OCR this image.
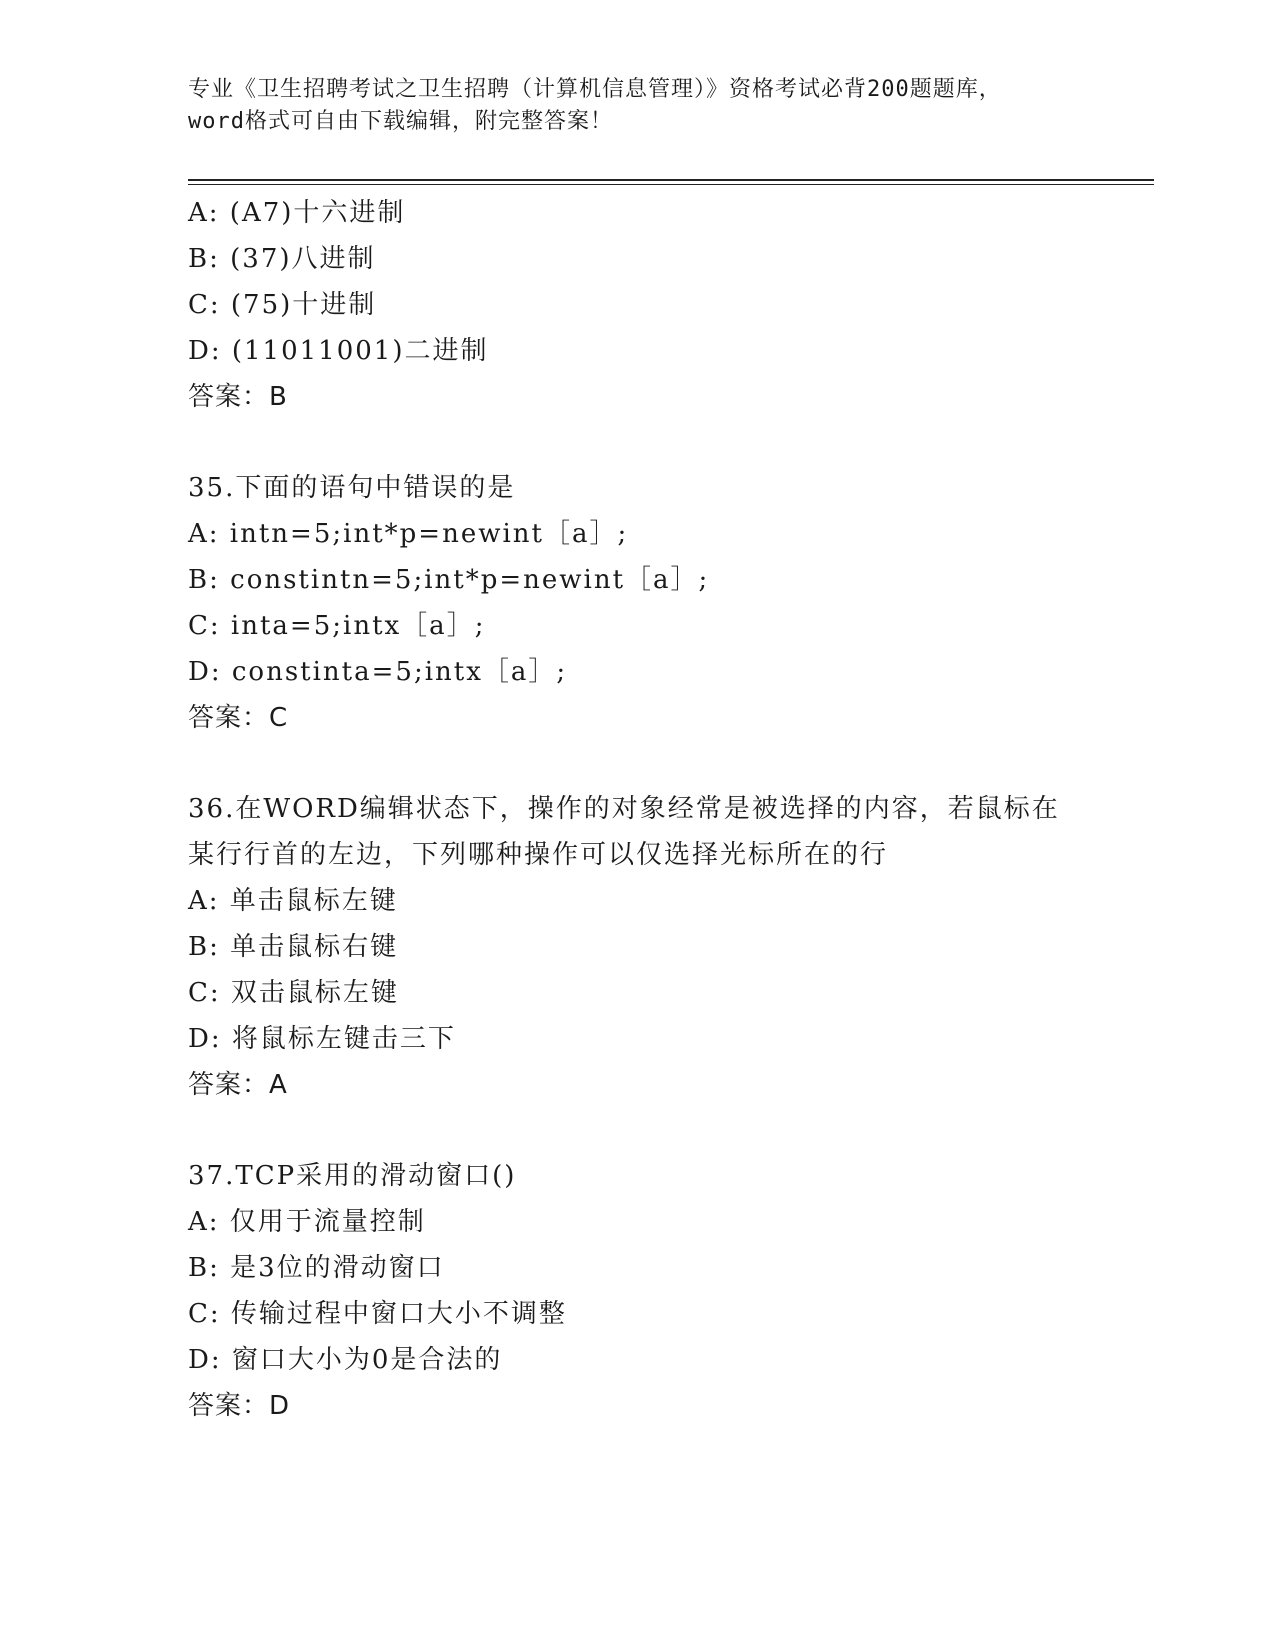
专业《卫生招聘考试之卫生招聘（计算机信息管理）》资格考试必背200题题库，
word格式可自由下载编辑，附完整答案！
A: (A7)十六进制
B: (37)八进制
C: (75)十进制
D: (11011001)二进制
答案：B
35.下面的语句中错误的是
A: intn=5;int*p=newint［a］;
B: constintn=5;int*p=newint［a］;
C: inta=5;intx［a］;
D: constinta=5;intx［a］;
答案：C
36.在WORD编辑状态下，操作的对象经常是被选择的内容，若鼠标在
某行行首的左边，下列哪种操作可以仅选择光标所在的行
A: 单击鼠标左键
B: 单击鼠标右键
C: 双击鼠标左键
D: 将鼠标左键击三下
答案：A
37.TCP采用的滑动窗口()
A: 仅用于流量控制
B: 是3位的滑动窗口
C: 传输过程中窗口大小不调整
D: 窗口大小为0是合法的
答案：D
